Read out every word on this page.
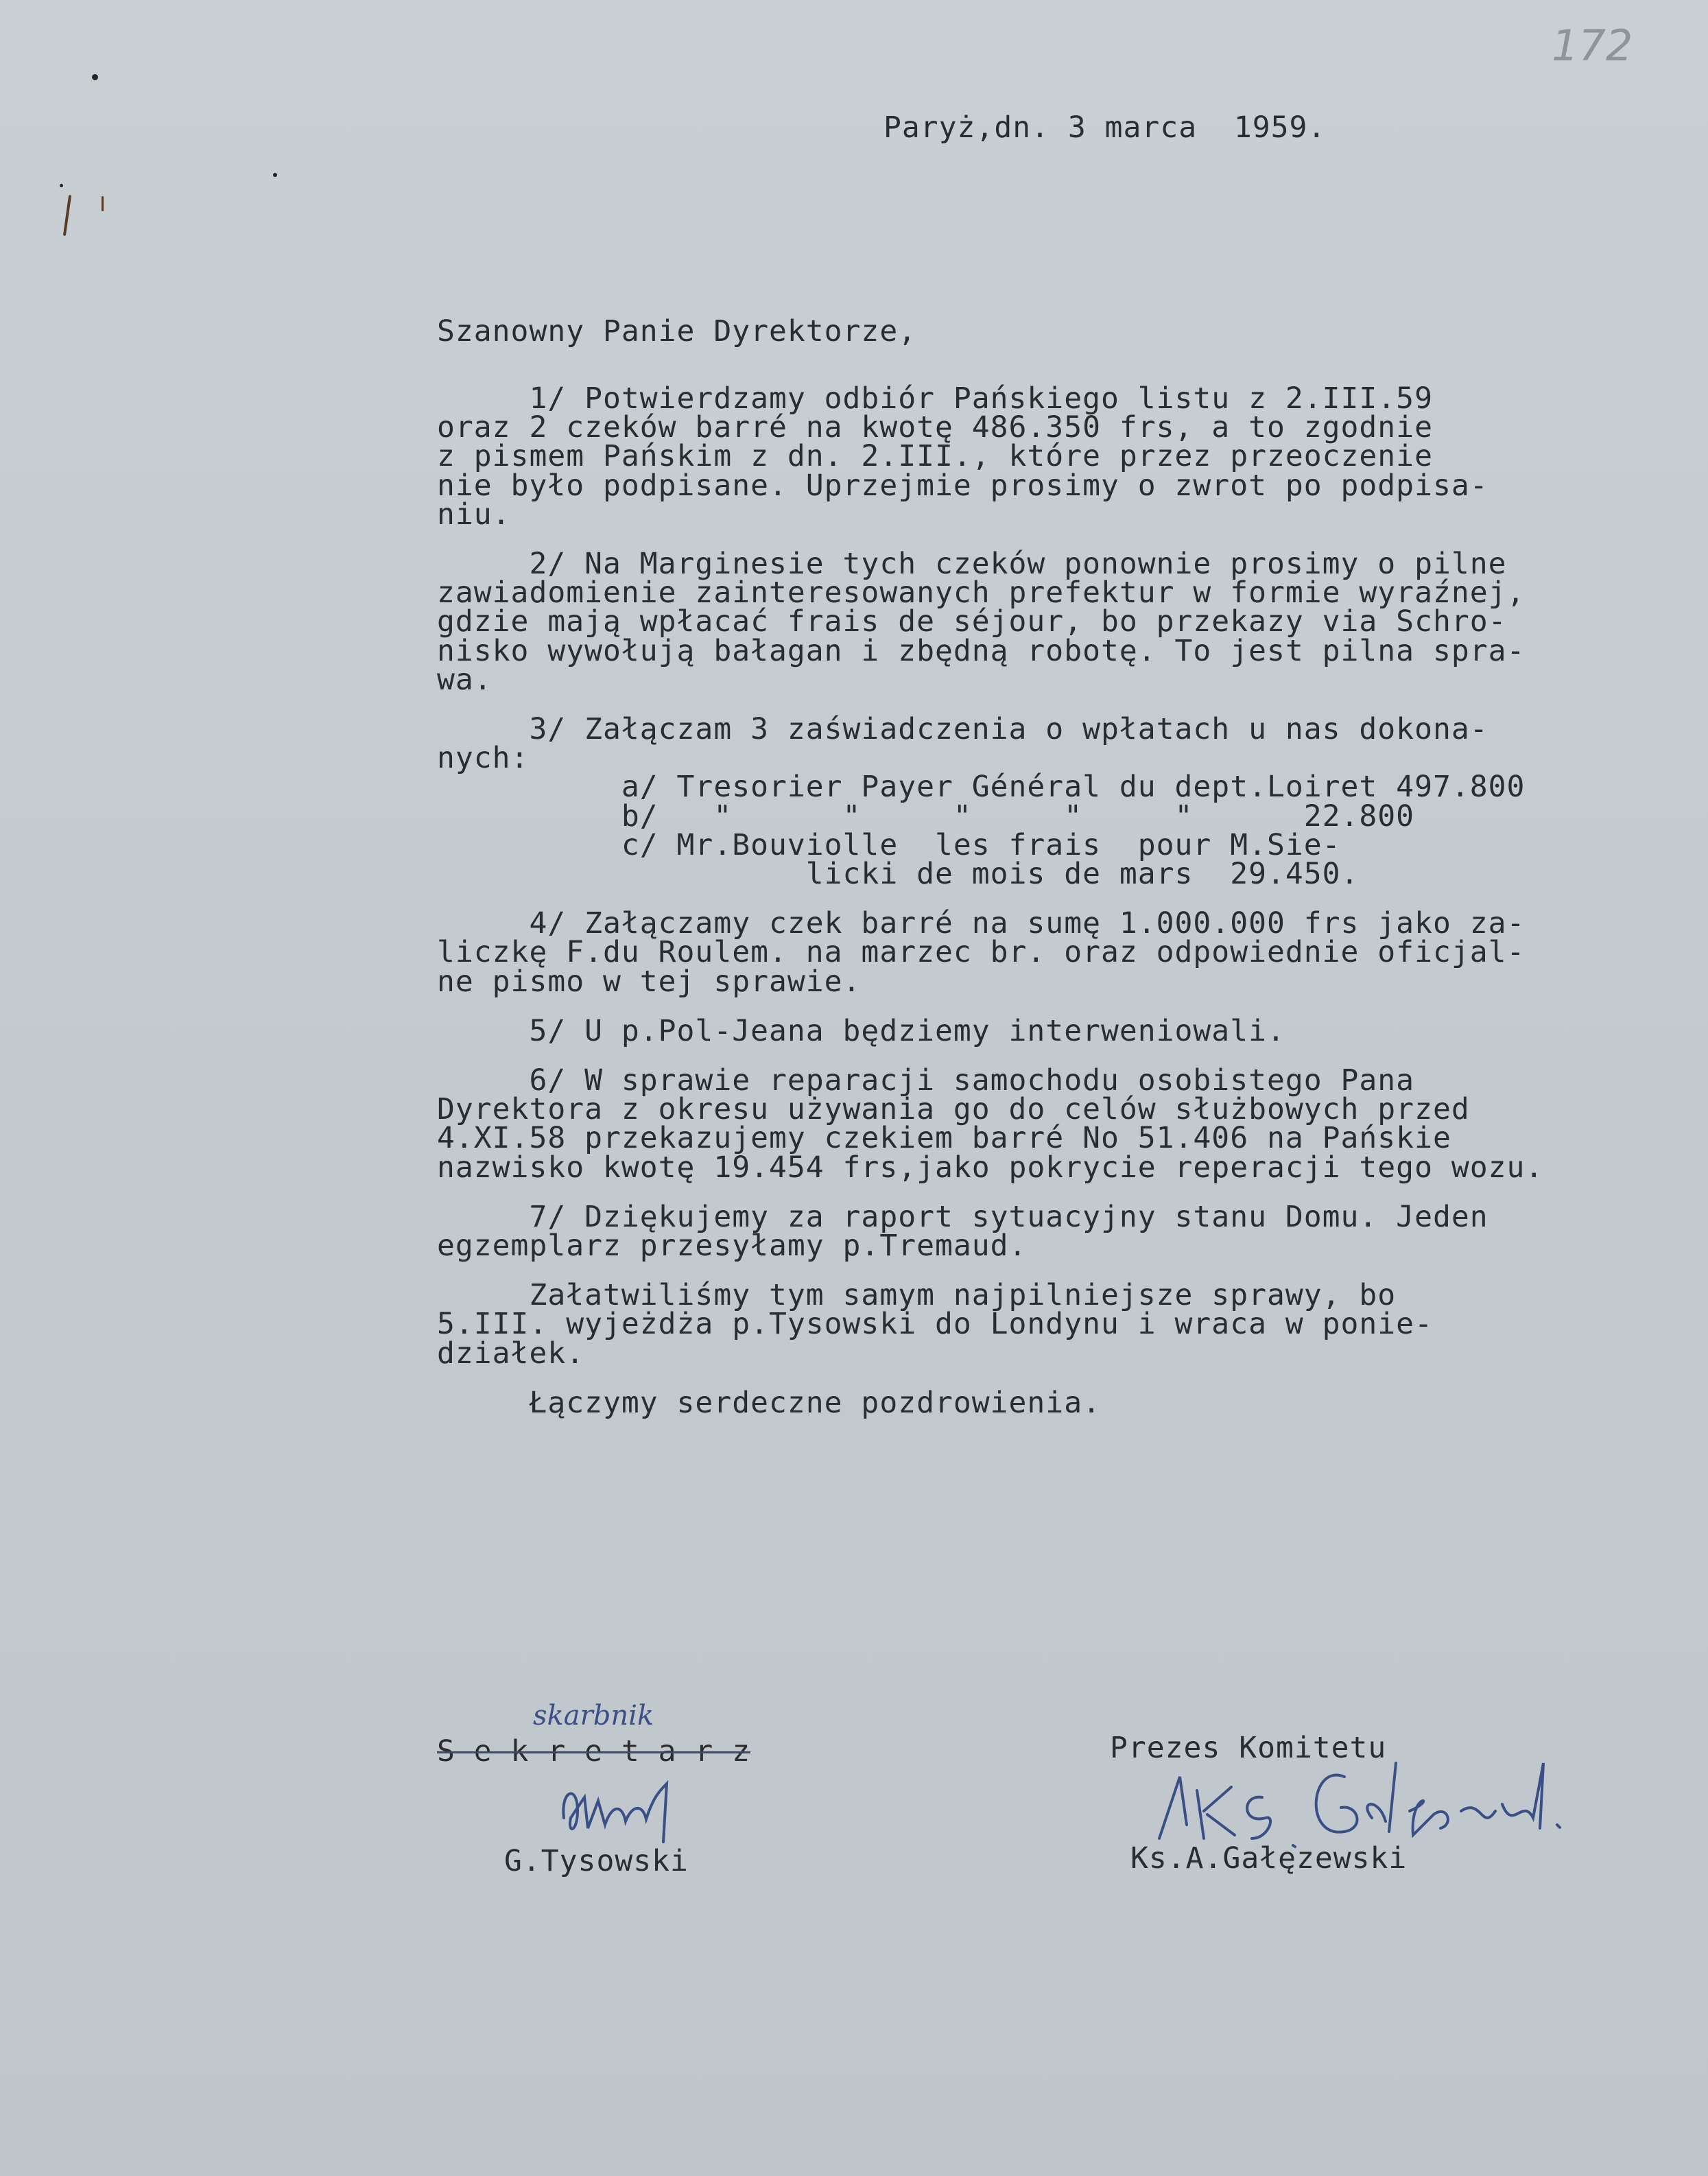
172
Paryż,dn. 3 marca  1959.
Szanowny Panie Dyrektorze,
1/ Potwierdzamy odbiór Pańskiego listu z 2.III.59
oraz 2 czeków barré na kwotę 486.350 frs, a to zgodnie
z pismem Pańskim z dn. 2.III., które przez przeoczenie
nie było podpisane. Uprzejmie prosimy o zwrot po podpisa-
niu.
2/ Na Marginesie tych czeków ponownie prosimy o pilne
zawiadomienie zainteresowanych prefektur w formie wyraźnej,
gdzie mają wpłacać frais de séjour, bo przekazy via Schro-
nisko wywołują bałagan i zbędną robotę. To jest pilna spra-
wa.
3/ Załączam 3 zaświadczenia o wpłatach u nas dokona-
nych:
a/ Tresorier Payer Général du dept.Loiret 497.800
b/   "      "     "     "     "      22.800
c/ Mr.Bouviolle  les frais  pour M.Sie-
licki de mois de mars  29.450.
4/ Załączamy czek barré na sumę 1.000.000 frs jako za-
liczkę F.du Roulem. na marzec br. oraz odpowiednie oficjal-
ne pismo w tej sprawie.
5/ U p.Pol-Jeana będziemy interweniowali.
6/ W sprawie reparacji samochodu osobistego Pana
Dyrektora z okresu używania go do celów służbowych przed
4.XI.58 przekazujemy czekiem barré No 51.406 na Pańskie
nazwisko kwotę 19.454 frs,jako pokrycie reperacji tego wozu.
7/ Dziękujemy za raport sytuacyjny stanu Domu. Jeden
egzemplarz przesyłamy p.Tremaud.
Załatwiliśmy tym samym najpilniejsze sprawy, bo
5.III. wyjeżdża p.Tysowski do Londynu i wraca w ponie-
działek.
Łączymy serdeczne pozdrowienia.
Prezes Komitetu
S e k r e t a r z
skarbnik
G.Tysowski	Ks.A.Gałęzewski
